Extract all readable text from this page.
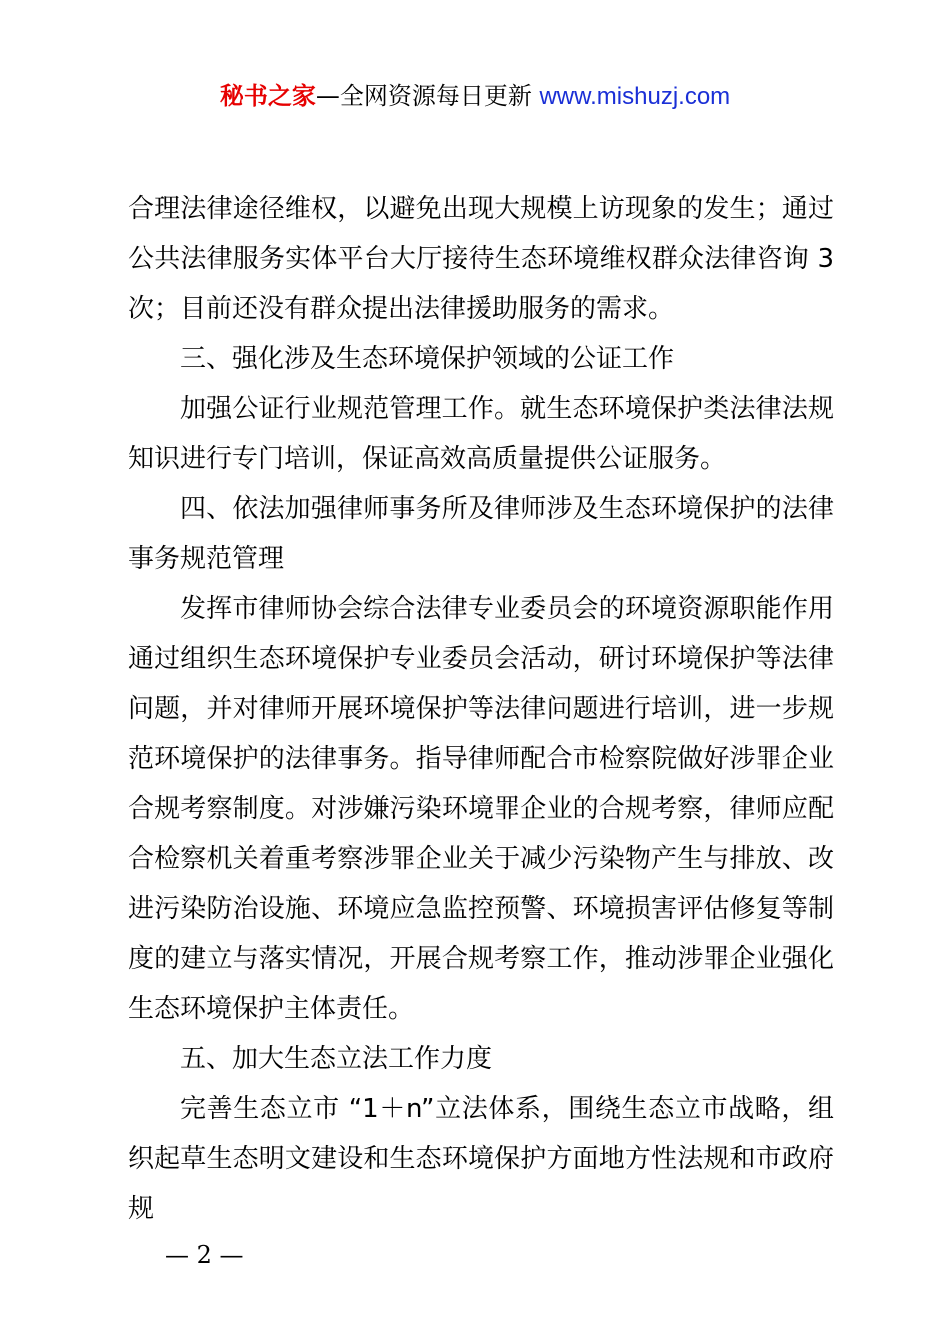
秘书之家—全网资源每日更新 www.mishuzj.com

合理法律途径维权，以避免出现大规模上访现象的发生；通过公共法律服务实体平台大厅接待生态环境维权群众法律咨询 3 次；目前还没有群众提出法律援助服务的需求。

三、强化涉及生态环境保护领域的公证工作

加强公证行业规范管理工作。就生态环境保护类法律法规知识进行专门培训，保证高效高质量提供公证服务。

四、依法加强律师事务所及律师涉及生态环境保护的法律事务规范管理

发挥市律师协会综合法律专业委员会的环境资源职能作用通过组织生态环境保护专业委员会活动，研讨环境保护等法律问题，并对律师开展环境保护等法律问题进行培训，进一步规范环境保护的法律事务。指导律师配合市检察院做好涉罪企业合规考察制度。对涉嫌污染环境罪企业的合规考察，律师应配合检察机关着重考察涉罪企业关于减少污染物产生与排放、改进污染防治设施、环境应急监控预警、环境损害评估修复等制度的建立与落实情况，开展合规考察工作，推动涉罪企业强化生态环境保护主体责任。

五、加大生态立法工作力度

完善生态立市 “1＋n”立法体系，围绕生态立市战略，组织起草生态明文建设和生态环境保护方面地方性法规和市政府规

— 2 —
